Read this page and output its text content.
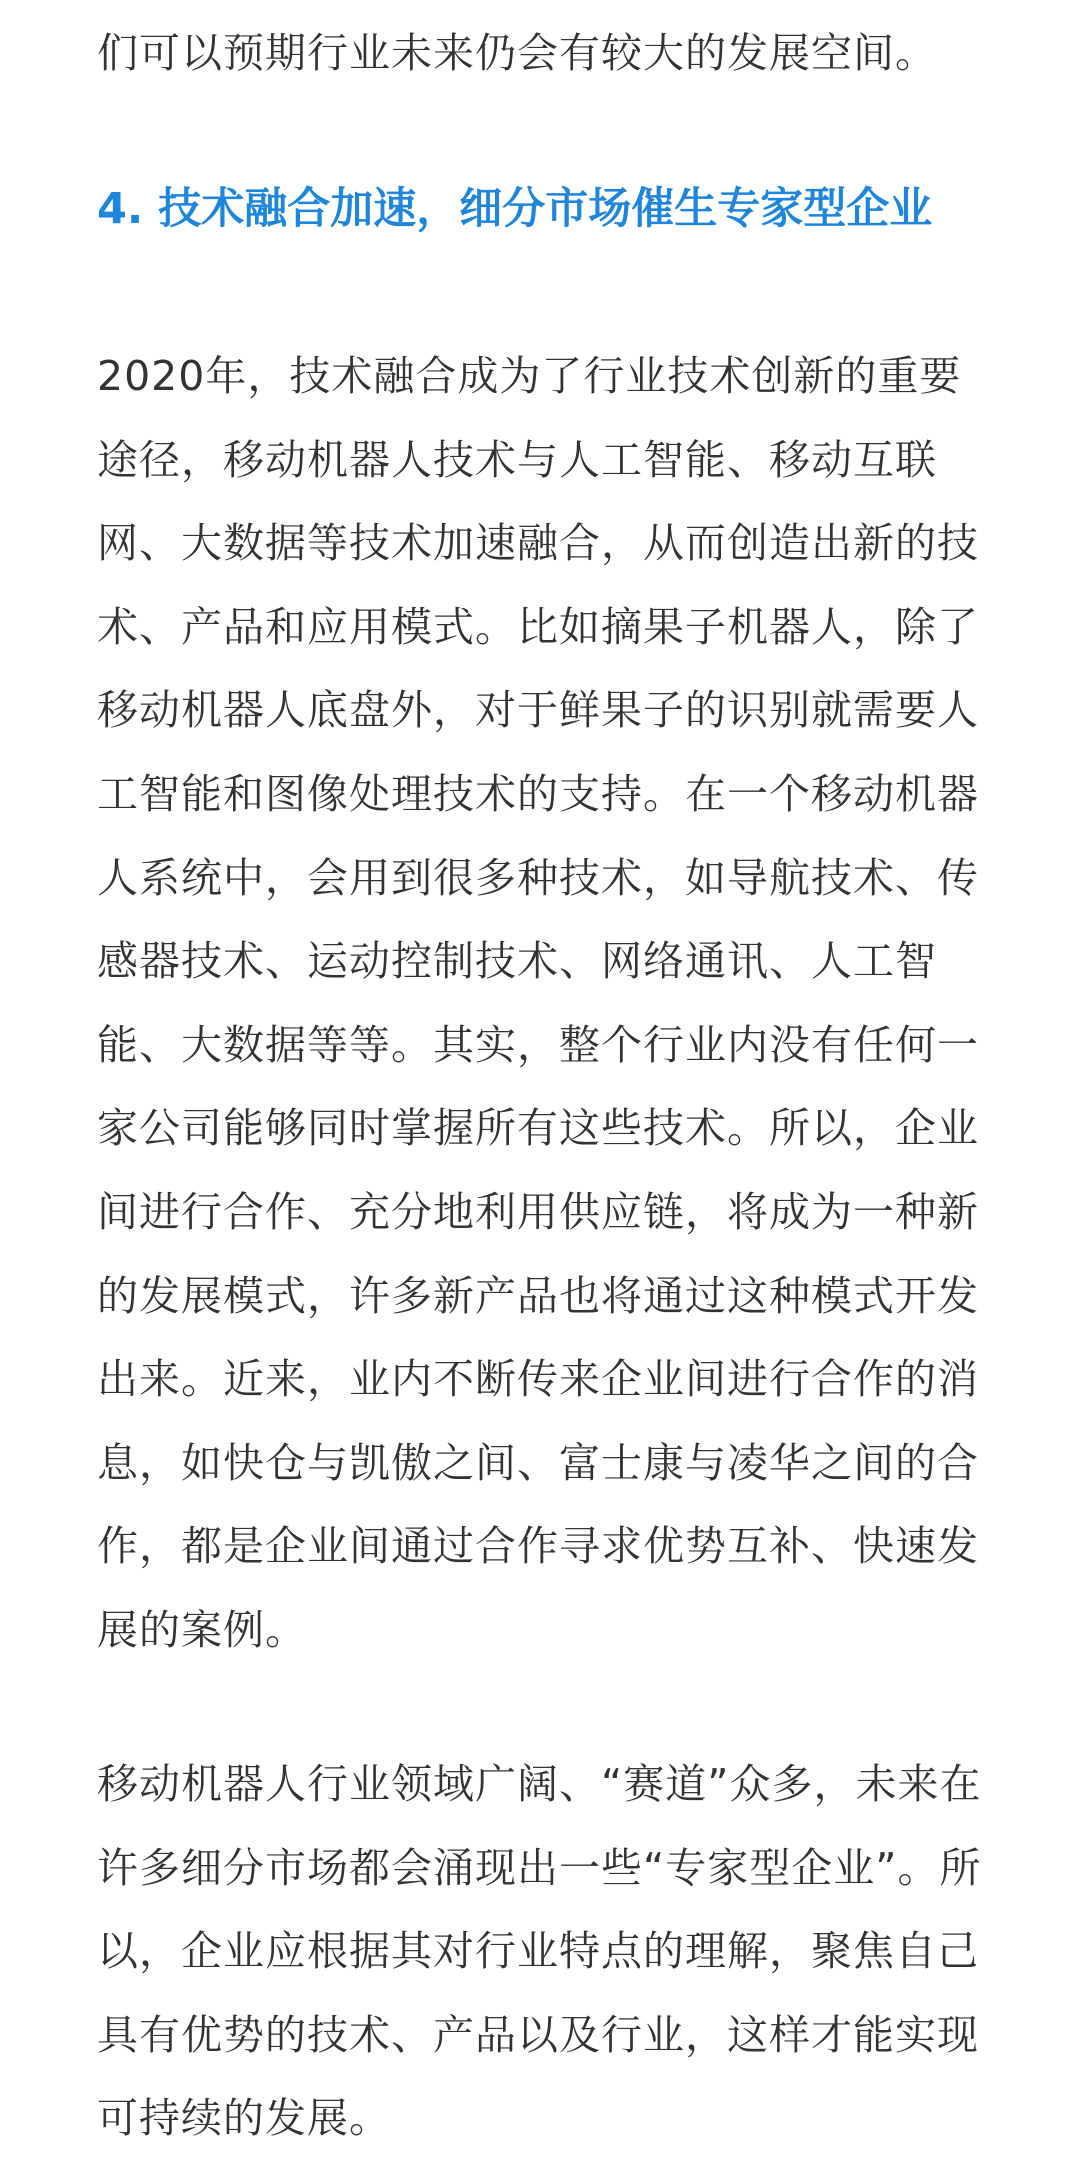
们可以预期行业未来仍会有较大的发展空间。

4. 技术融合加速，细分市场催生专家型企业
2020年，技术融合成为了行业技术创新的重要
途径，移动机器人技术与人工智能、移动互联
网、大数据等技术加速融合，从而创造出新的技
术、产品和应用模式。比如摘果子机器人，除了
移动机器人底盘外，对于鲜果子的识别就需要人
工智能和图像处理技术的支持。在一个移动机器
人系统中，会用到很多种技术，如导航技术、传
感器技术、运动控制技术、网络通讯、人工智
能、大数据等等。其实，整个行业内没有任何一
家公司能够同时掌握所有这些技术。所以，企业
间进行合作、充分地利用供应链，将成为一种新
的发展模式，许多新产品也将通过这种模式开发
出来。近来，业内不断传来企业间进行合作的消
息，如快仓与凯傲之间、富士康与凌华之间的合
作，都是企业间通过合作寻求优势互补、快速发
展的案例。
移动机器人行业领域广阔、“赛道”众多，未来在
许多细分市场都会涌现出一些“专家型企业”。所
以，企业应根据其对行业特点的理解，聚焦自己
具有优势的技术、产品以及行业，这样才能实现
可持续的发展。
